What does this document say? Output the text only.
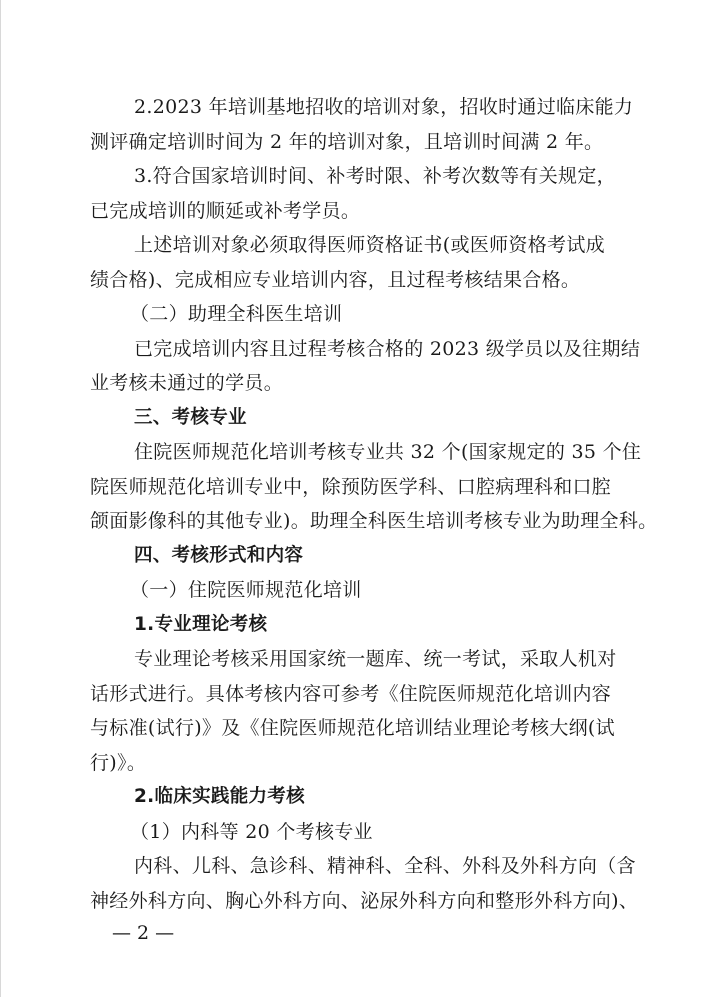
2.2023 年培训基地招收的培训对象，招收时通过临床能力
测评确定培训时间为 2 年的培训对象，且培训时间满 2 年。
3.符合国家培训时间、补考时限、补考次数等有关规定，
已完成培训的顺延或补考学员。
上述培训对象必须取得医师资格证书(或医师资格考试成
绩合格)、完成相应专业培训内容，且过程考核结果合格。
（二）助理全科医生培训
已完成培训内容且过程考核合格的 2023 级学员以及往期结
业考核未通过的学员。
三、考核专业
住院医师规范化培训考核专业共 32 个(国家规定的 35 个住
院医师规范化培训专业中，除预防医学科、口腔病理科和口腔
颌面影像科的其他专业)。助理全科医生培训考核专业为助理全科。
四、考核形式和内容
（一）住院医师规范化培训
1.专业理论考核
专业理论考核采用国家统一题库、统一考试，采取人机对
话形式进行。具体考核内容可参考《住院医师规范化培训内容
与标准(试行)》及《住院医师规范化培训结业理论考核大纲(试
行)》。
2.临床实践能力考核
（1）内科等 20 个考核专业
内科、儿科、急诊科、精神科、全科、外科及外科方向（含
神经外科方向、胸心外科方向、泌尿外科方向和整形外科方向)、
— 2 —
